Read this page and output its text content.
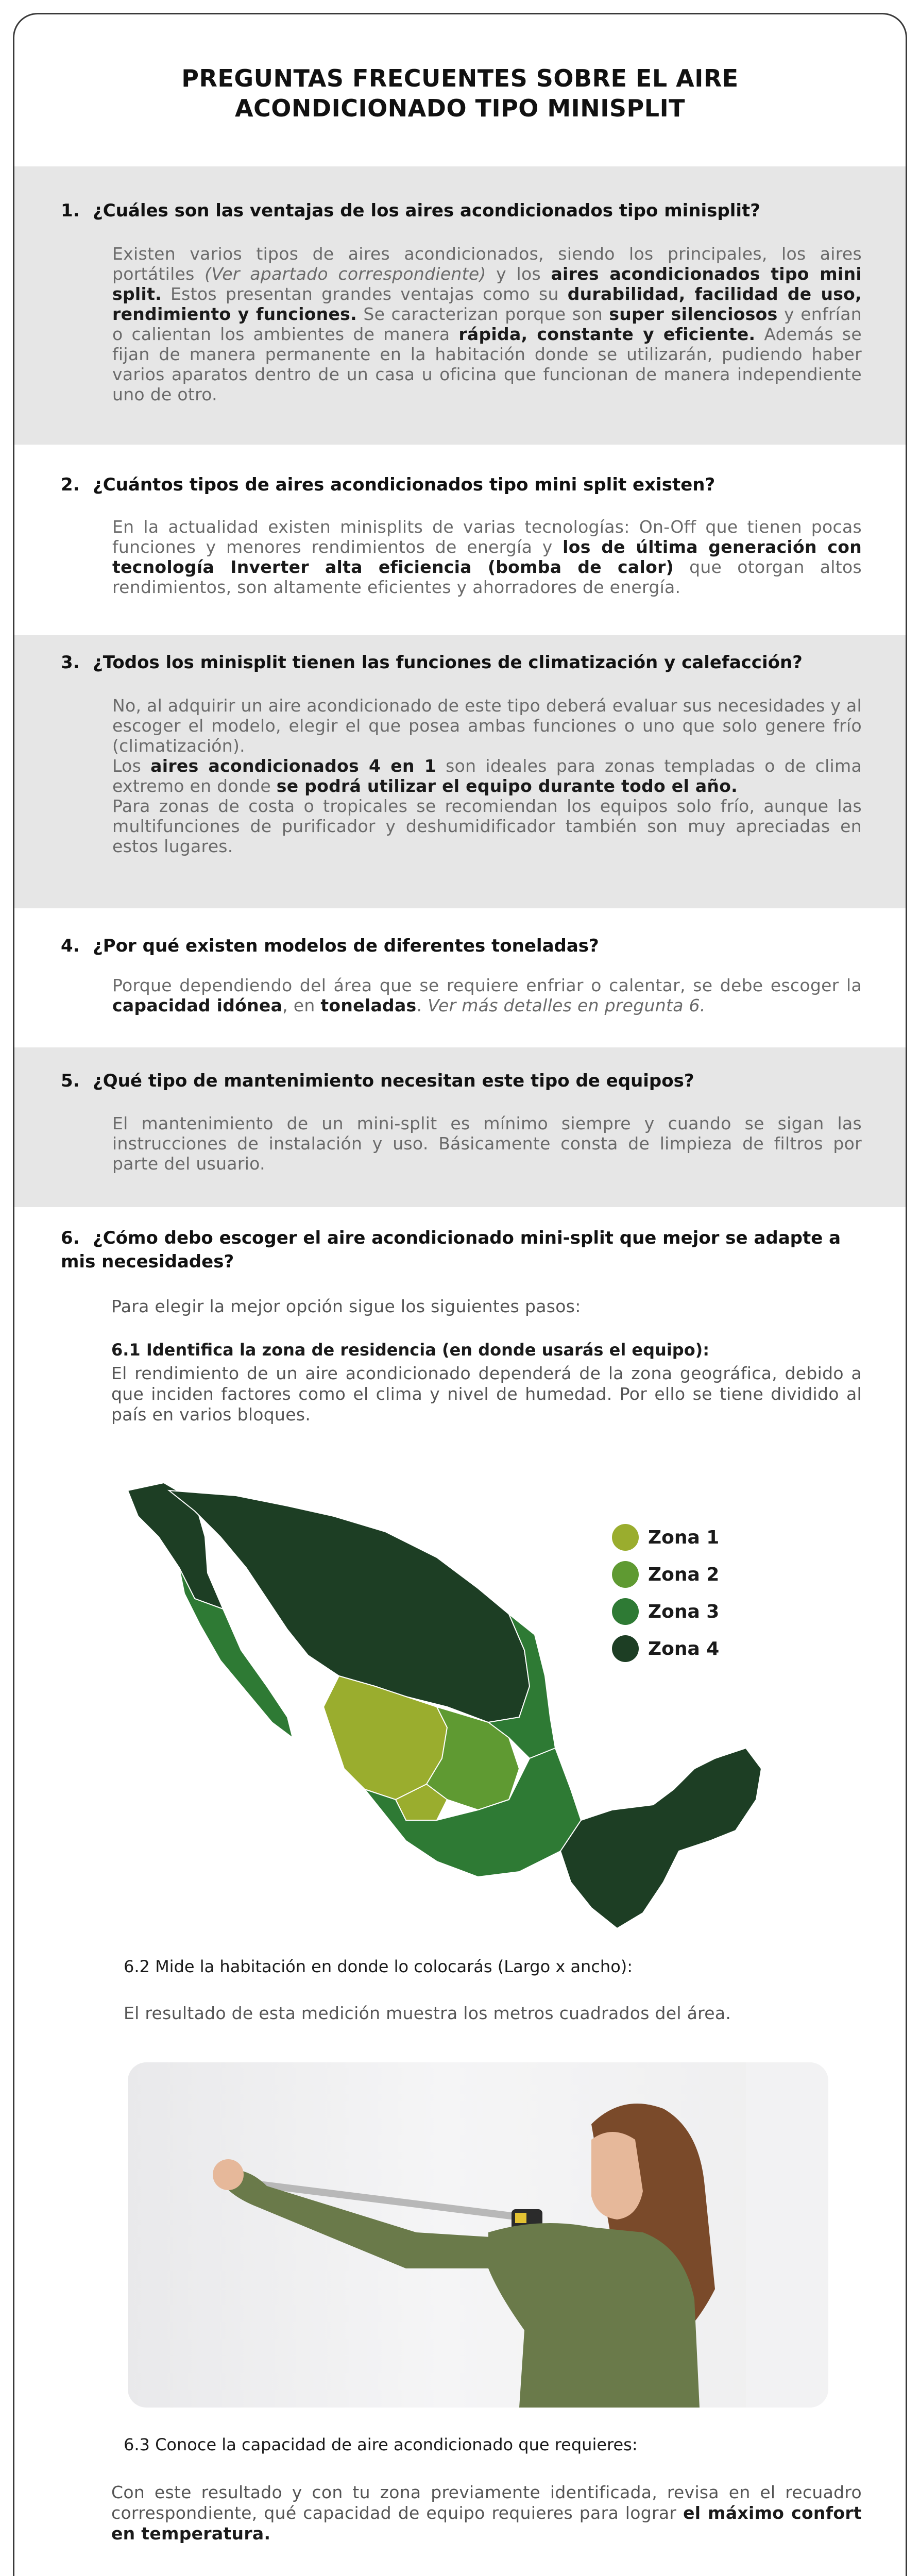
PREGUNTAS FRECUENTES SOBRE EL AIRE
ACONDICIONADO TIPO MINISPLIT
1. ¿Cuáles son las ventajas de los aires acondicionados tipo minisplit?

Existen varios tipos de aires acondicionados, siendo los principales, los aires portátiles (Ver apartado correspondiente) y los aires acondicionados tipo mini split. Estos presentan grandes ventajas como su durabilidad, facilidad de uso, rendimiento y funciones. Se caracterizan porque son super silenciosos y enfrían o calientan los ambientes de manera rápida, constante y eficiente. Además se fijan de manera permanente en la habitación donde se utilizarán, pudiendo haber varios aparatos dentro de un casa u oficina que funcionan de manera independiente uno de otro.

2. ¿Cuántos tipos de aires acondicionados tipo mini split existen?

En la actualidad existen minisplits de varias tecnologías: On-Off que tienen pocas funciones y menores rendimientos de energía y los de última generación con tecnología Inverter alta eficiencia (bomba de calor) que otorgan altos rendimientos, son altamente eficientes y ahorradores de energía.

3. ¿Todos los minisplit tienen las funciones de climatización y calefacción?

No, al adquirir un aire acondicionado de este tipo deberá evaluar sus necesidades y al escoger el modelo, elegir el que posea ambas funciones o uno que solo genere frío (climatización).

Los aires acondicionados 4 en 1 son ideales para zonas templadas o de clima extremo en donde se podrá utilizar el equipo durante todo el año.

Para zonas de costa o tropicales se recomiendan los equipos solo frío, aunque las multifunciones de purificador y deshumidificador también son muy apreciadas en estos lugares.

4. ¿Por qué existen modelos de diferentes toneladas?

Porque dependiendo del área que se requiere enfriar o calentar, se debe escoger la capacidad idónea, en toneladas. Ver más detalles en pregunta 6.

5. ¿Qué tipo de mantenimiento necesitan este tipo de equipos?

El mantenimiento de un mini-split es mínimo siempre y cuando se sigan las instrucciones de instalación y uso. Básicamente consta de limpieza de filtros por parte del usuario.

6. ¿Cómo debo escoger el aire acondicionado mini-split que mejor se adapte a mis necesidades?
Para elegir la mejor opción sigue los siguientes pasos:
6.1 Identifica la zona de residencia (en donde usarás el equipo):
El rendimiento de un aire acondicionado dependerá de la zona geográfica, debido a que inciden factores como el clima y nivel de humedad. Por ello se tiene dividido al país en varios bloques.
Zona 1
Zona 2
Zona 3
Zona 4
6.2 Mide la habitación en donde lo colocarás (Largo x ancho):
El resultado de esta medición muestra los metros cuadrados del área.
6.3 Conoce la capacidad de aire acondicionado que requieres:
Con este resultado y con tu zona previamente identificada, revisa en el recuadro correspondiente, qué capacidad de equipo requieres para lograr el máximo confort en temperatura.
